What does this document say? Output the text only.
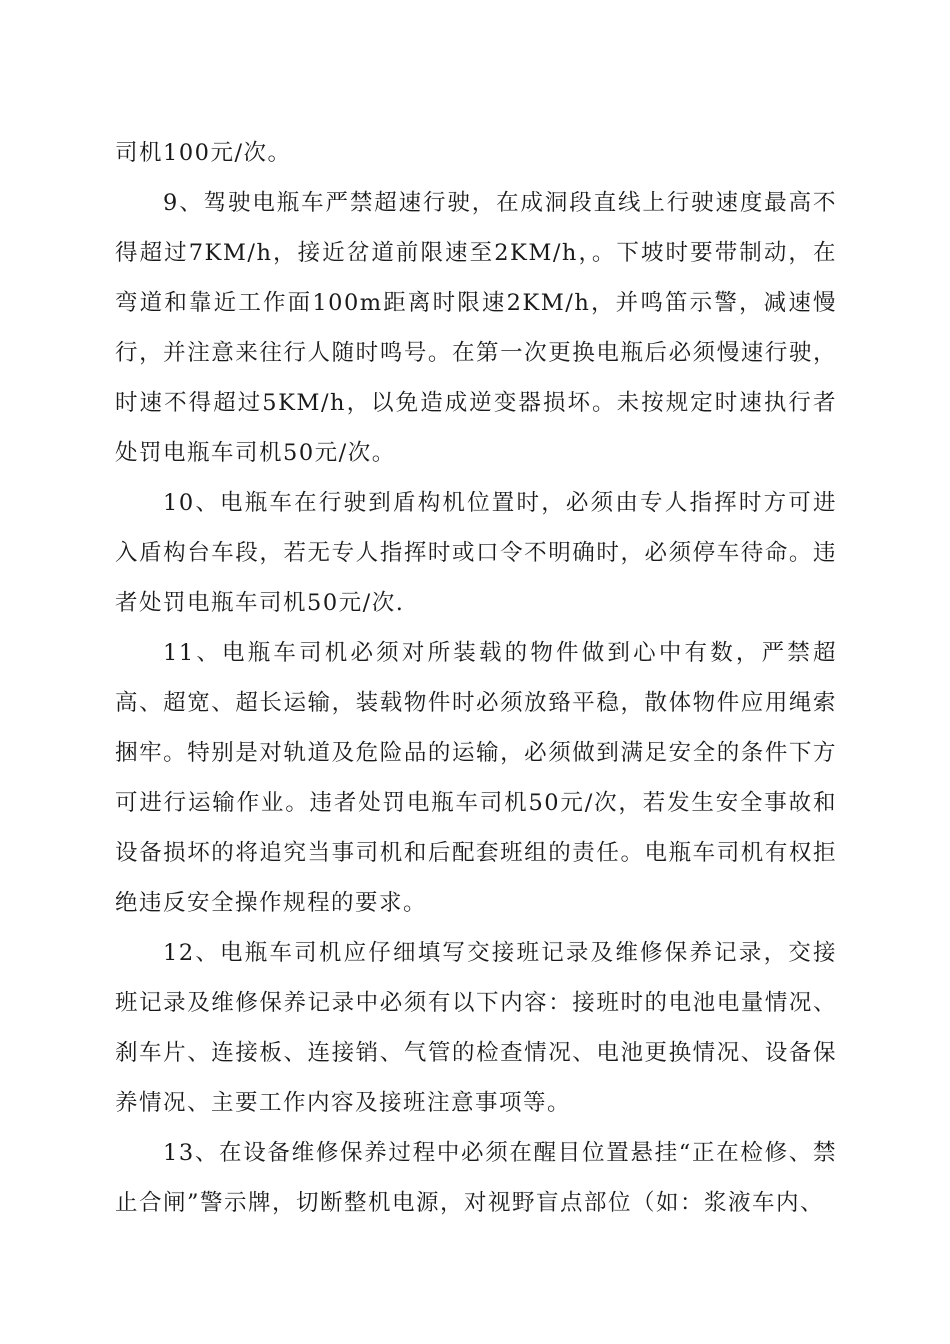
司机100元/次。

9、驾驶电瓶车严禁超速行驶，在成洞段直线上行驶速度最高不得超过7KM/h，接近岔道前限速至2KM/h，。下坡时要带制动，在弯道和靠近工作面100m距离时限速2KM/h，并鸣笛示警，减速慢行，并注意来往行人随时鸣号。在第一次更换电瓶后必须慢速行驶，时速不得超过5KM/h，以免造成逆变器损坏。未按规定时速执行者处罚电瓶车司机50元/次。

10、电瓶车在行驶到盾构机位置时，必须由专人指挥时方可进入盾构台车段，若无专人指挥时或口令不明确时，必须停车待命。违者处罚电瓶车司机50元/次.

11、电瓶车司机必须对所装载的物件做到心中有数，严禁超高、超宽、超长运输，装载物件时必须放臵平稳，散体物件应用绳索捆牢。特别是对轨道及危险品的运输，必须做到满足安全的条件下方可进行运输作业。违者处罚电瓶车司机50元/次，若发生安全事故和设备损坏的将追究当事司机和后配套班组的责任。电瓶车司机有权拒绝违反安全操作规程的要求。

12、电瓶车司机应仔细填写交接班记录及维修保养记录，交接班记录及维修保养记录中必须有以下内容：接班时的电池电量情况、刹车片、连接板、连接销、气管的检查情况、电池更换情况、设备保养情况、主要工作内容及接班注意事项等。

13、在设备维修保养过程中必须在醒目位置悬挂“正在检修、禁止合闸”警示牌，切断整机电源，对视野盲点部位（如：浆液车内、
